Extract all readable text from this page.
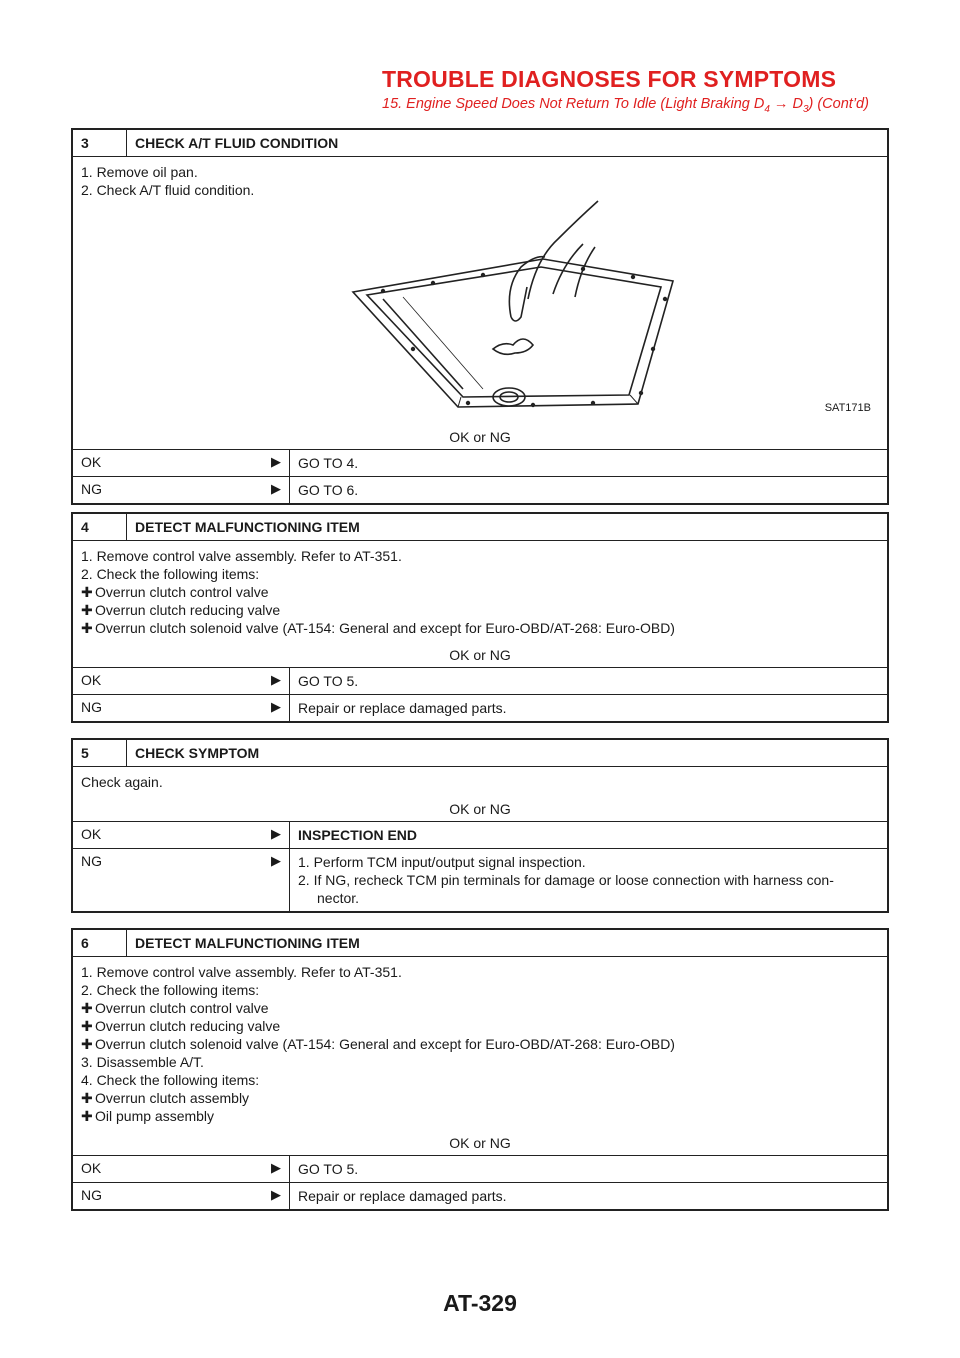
TROUBLE DIAGNOSES FOR SYMPTOMS
15. Engine Speed Does Not Return To Idle (Light Braking $D_4 \to D_3$) (Cont’d)
3	CHECK A/T FLUID CONDITION
1. Remove oil pan.
2. Check A/T fluid condition.
SAT171B
OK or NG
OK	▶	GO TO 4.
NG	▶	GO TO 6.
4	DETECT MALFUNCTIONING ITEM
1. Remove control valve assembly. Refer to AT-351.
2. Check the following items:
✚ Overrun clutch control valve
✚ Overrun clutch reducing valve
✚ Overrun clutch solenoid valve (AT-154: General and except for Euro-OBD/AT-268: Euro-OBD)
OK or NG
OK	▶	GO TO 5.
NG	▶	Repair or replace damaged parts.
5	CHECK SYMPTOM
Check again.
OK or NG
OK	▶	INSPECTION END
NG	▶	1. Perform TCM input/output signal inspection.
2. If NG, recheck TCM pin terminals for damage or loose connection with harness con-
nector.
6	DETECT MALFUNCTIONING ITEM
1. Remove control valve assembly. Refer to AT-351.
2. Check the following items:
✚ Overrun clutch control valve
✚ Overrun clutch reducing valve
✚ Overrun clutch solenoid valve (AT-154: General and except for Euro-OBD/AT-268: Euro-OBD)
3. Disassemble A/T.
4. Check the following items:
✚ Overrun clutch assembly
✚ Oil pump assembly
OK or NG
OK	▶	GO TO 5.
NG	▶	Repair or replace damaged parts.
AT-329
